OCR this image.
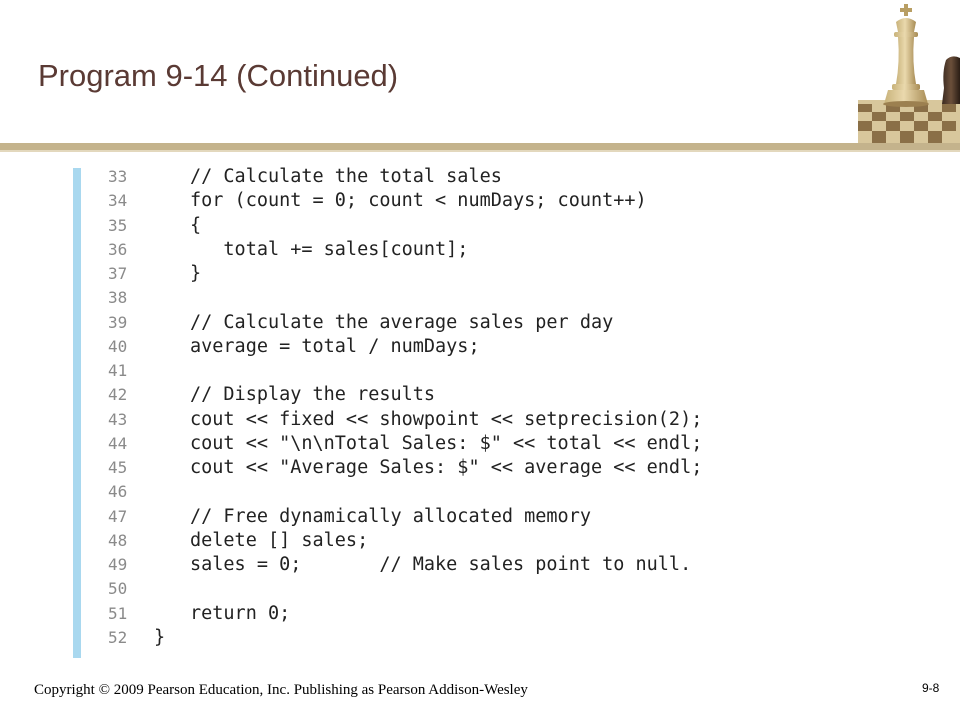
Program 9-14 (Continued)
33	// Calculate the total sales
34	for (count = 0; count < numDays; count++)
35	{
36	total += sales[count];
37	}
38
39	// Calculate the average sales per day
40	average = total / numDays;
41
42	// Display the results
43	cout << fixed << showpoint << setprecision(2);
44	cout << "\n\nTotal Sales: $" << total << endl;
45	cout << "Average Sales: $" << average << endl;
46
47	// Free dynamically allocated memory
48	delete [] sales;
49	sales = 0;       // Make sales point to null.
50
51	return 0;
52	}
Copyright © 2009 Pearson Education, Inc. Publishing as Pearson Addison-Wesley	9-8
